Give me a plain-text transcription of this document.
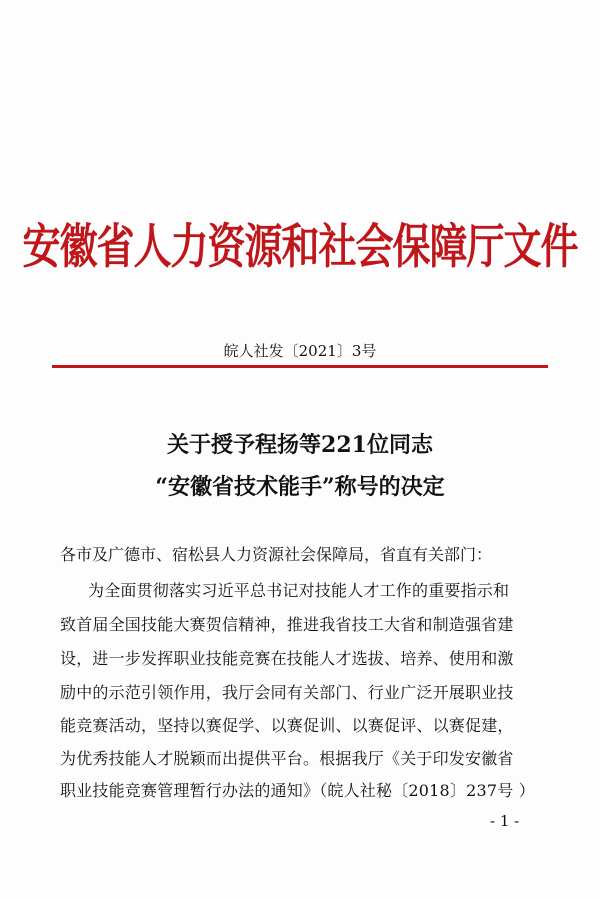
安徽省人力资源和社会保障厅文件
皖人社发〔2021〕3号
关于授予程扬等221位同志
“安徽省技术能手”称号的决定
各市及广德市、宿松县人力资源社会保障局，省直有关部门：
为全面贯彻落实习近平总书记对技能人才工作的重要指示和
致首届全国技能大赛贺信精神，推进我省技工大省和制造强省建
设，进一步发挥职业技能竞赛在技能人才选拔、培养、使用和激
励中的示范引领作用，我厅会同有关部门、行业广泛开展职业技
能竞赛活动，坚持以赛促学、以赛促训、以赛促评、以赛促建，
为优秀技能人才脱颖而出提供平台。根据我厅《关于印发安徽省
职业技能竞赛管理暂行办法的通知》（皖人社秘〔2018〕237号 ）
- 1 -
